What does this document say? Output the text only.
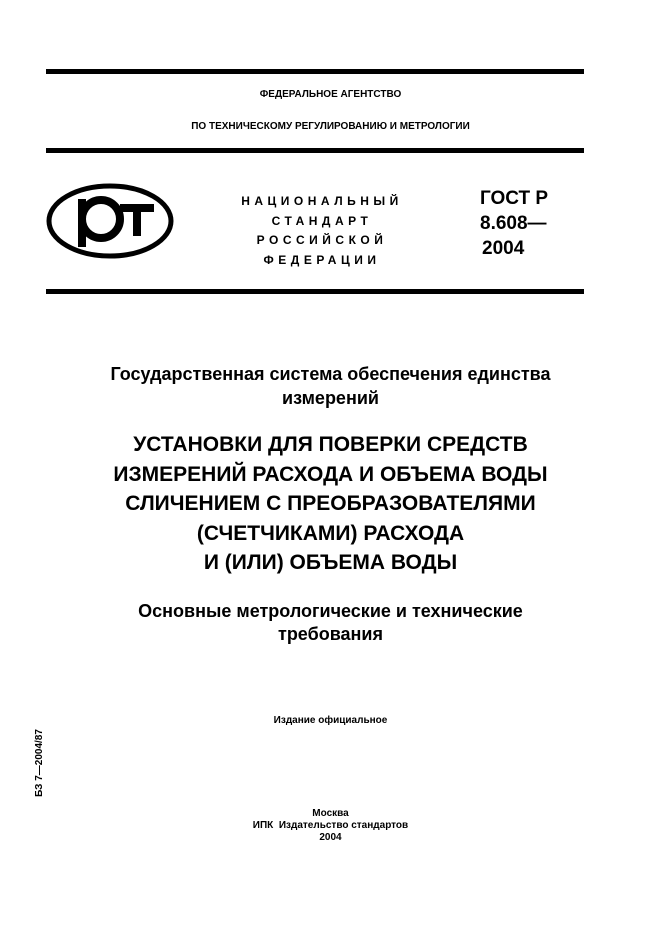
ФЕДЕРАЛЬНОЕ АГЕНТСТВО
ПО ТЕХНИЧЕСКОМУ РЕГУЛИРОВАНИЮ И МЕТРОЛОГИИ
НАЦИОНАЛЬНЫЙ
СТАНДАРТ
РОССИЙСКОЙ
ФЕДЕРАЦИИ
ГОСТ Р
8.608—
2004
Государственная система обеспечения единства
измерений
УСТАНОВКИ ДЛЯ ПОВЕРКИ СРЕДСТВ
ИЗМЕРЕНИЙ РАСХОДА И ОБЪЕМА ВОДЫ
СЛИЧЕНИЕМ С ПРЕОБРАЗОВАТЕЛЯМИ
(СЧЕТЧИКАМИ) РАСХОДА
И (ИЛИ) ОБЪЕМА ВОДЫ
Основные метрологические и технические
требования
Издание официальное
БЗ 7—2004/87
Москва
ИПК  Издательство стандартов
2004
